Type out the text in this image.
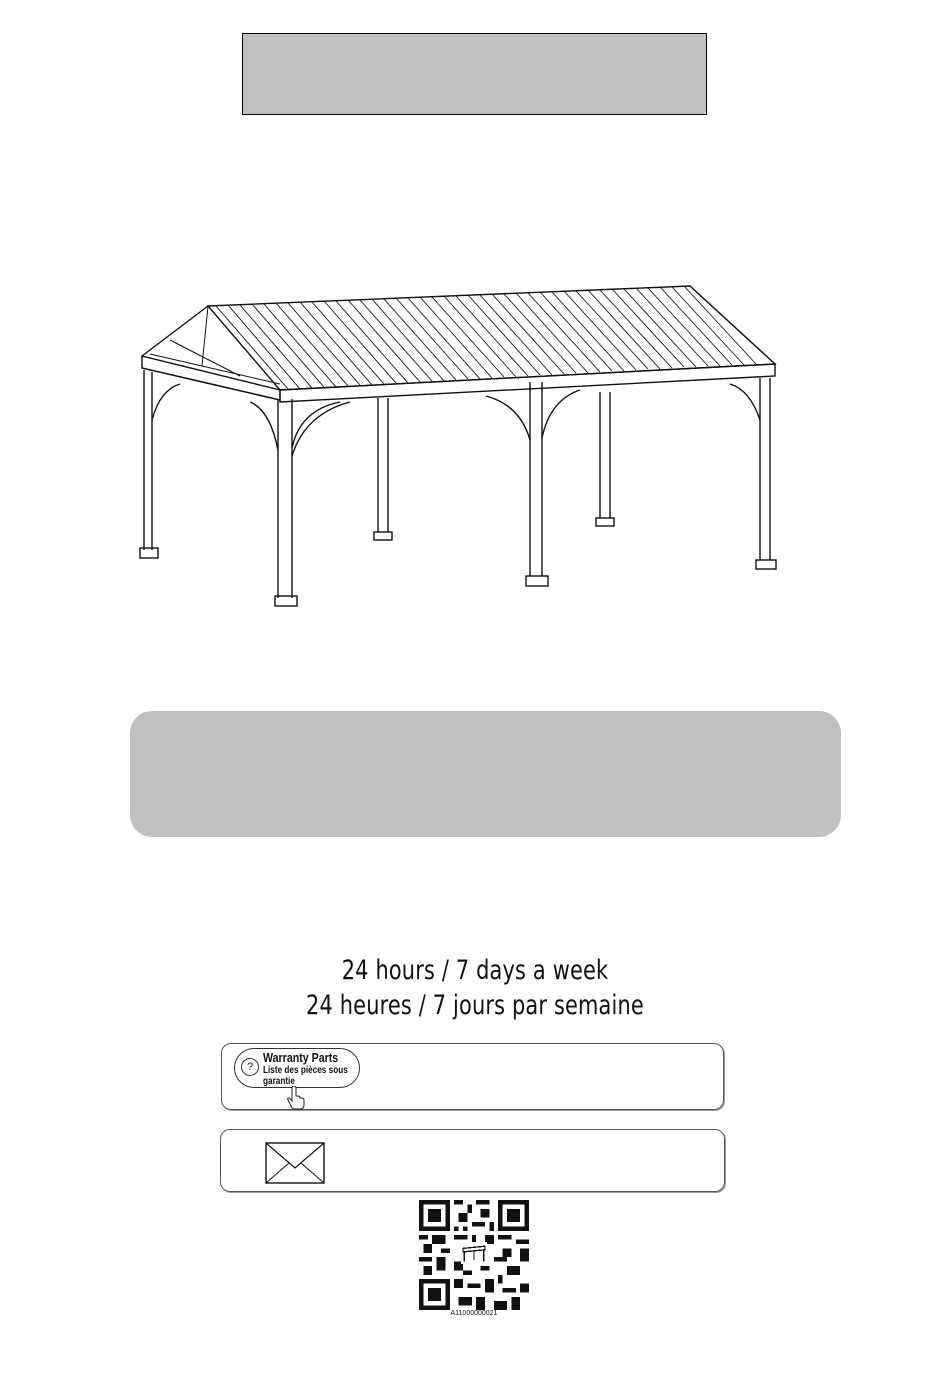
24 hours / 7 days a week
24 heures / 7 jours par semaine
?
Warranty Parts
Liste des pièces sous garantie
A11000000021
